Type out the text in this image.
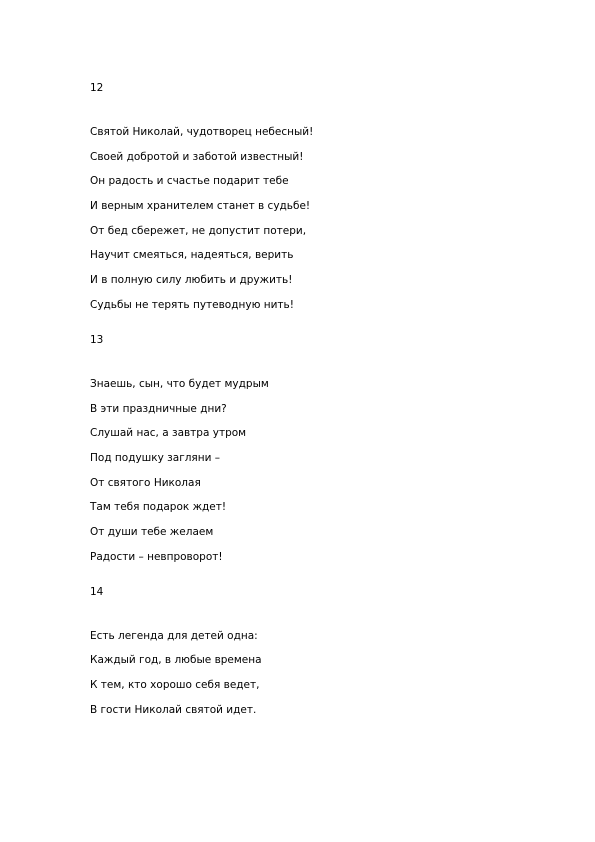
12

Святой Николай, чудотворец небесный!

Своей добротой и заботой известный!

Он радость и счастье подарит тебе

И верным хранителем станет в судьбе!

От бед сбережет, не допустит потери,

Научит смеяться, надеяться, верить

И в полную силу любить и дружить!

Судьбы не терять путеводную нить!

13

Знаешь, сын, что будет мудрым

В эти праздничные дни?

Слушай нас, а завтра утром

Под подушку загляни –

От святого Николая

Там тебя подарок ждет!

От души тебе желаем

Радости – невпроворот!

14

Есть легенда для детей одна:

Каждый год, в любые времена

К тем, кто хорошо себя ведет,

В гости Николай святой идет.
